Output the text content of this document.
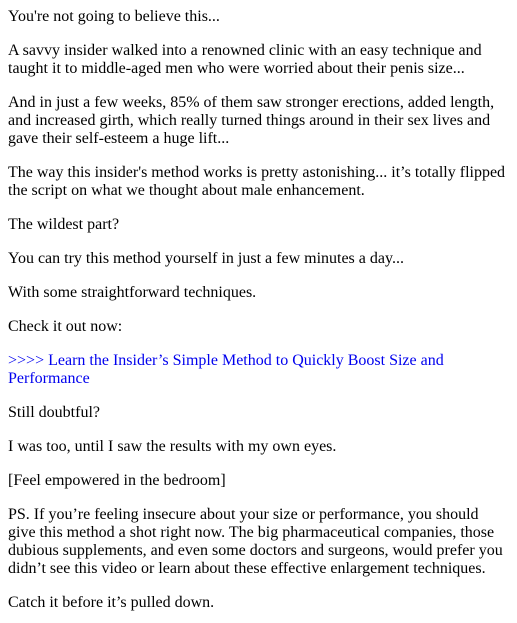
You're not going to believe this...

A savvy insider walked into a renowned clinic with an easy technique and taught it to middle-aged men who were worried about their penis size...

And in just a few weeks, 85% of them saw stronger erections, added length, and increased girth, which really turned things around in their sex lives and gave their self-esteem a huge lift...

The way this insider's method works is pretty astonishing... it’s totally flipped the script on what we thought about male enhancement.

The wildest part?

You can try this method yourself in just a few minutes a day...

With some straightforward techniques.

Check it out now:

>>>> Learn the Insider’s Simple Method to Quickly Boost Size and Performance

Still doubtful?

I was too, until I saw the results with my own eyes.

[Feel empowered in the bedroom]

PS. If you’re feeling insecure about your size or performance, you should give this method a shot right now. The big pharmaceutical companies, those dubious supplements, and even some doctors and surgeons, would prefer you didn’t see this video or learn about these effective enlargement techniques.

Catch it before it’s pulled down.
